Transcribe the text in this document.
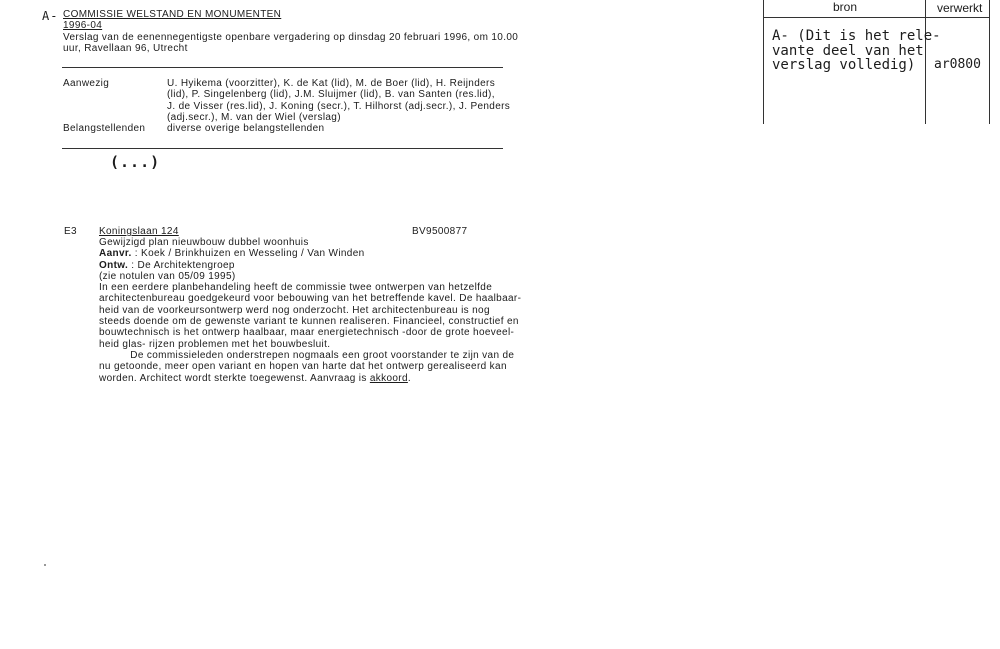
bron	verwerkt
A- (Dit is het rele-
vante deel van het
verslag volledig)	ar0800
A- COMMISSIE WELSTAND EN MONUMENTEN
1996-04
Verslag van de eenennegentigste openbare vergadering op dinsdag 20 februari 1996, om 10.00
uur, Ravellaan 96, Utrecht
Aanwezig	U. Hyikema (voorzitter), K. de Kat (lid), M. de Boer (lid), H. Reijnders
(lid), P. Singelenberg (lid), J.M. Sluijmer (lid), B. van Santen (res.lid),
J. de Visser (res.lid), J. Koning (secr.), T. Hilhorst (adj.secr.), J. Penders
(adj.secr.), M. van der Wiel (verslag)
Belangstellenden diverse overige belangstellenden
(...)
E3 Koningslaan 124	BV9500877
Gewijzigd plan nieuwbouw dubbel woonhuis
Aanvr. : Koek / Brinkhuizen en Wesseling / Van Winden
Ontw. : De Architektengroep
(zie notulen van 05/09 1995)
In een eerdere planbehandeling heeft de commissie twee ontwerpen van hetzelfde
architectenbureau goedgekeurd voor bebouwing van het betreffende kavel. De haalbaar-
heid van de voorkeursontwerp werd nog onderzocht. Het architectenbureau is nog
steeds doende om de gewenste variant te kunnen realiseren. Financieel, constructief en
bouwtechnisch is het ontwerp haalbaar, maar energietechnisch -door de grote hoeveel-
heid glas- rijzen problemen met het bouwbesluit.
De commissieleden onderstrepen nogmaals een groot voorstander te zijn van de
nu getoonde, meer open variant en hopen van harte dat het ontwerp gerealiseerd kan
worden. Architect wordt sterkte toegewenst. Aanvraag is akkoord.
